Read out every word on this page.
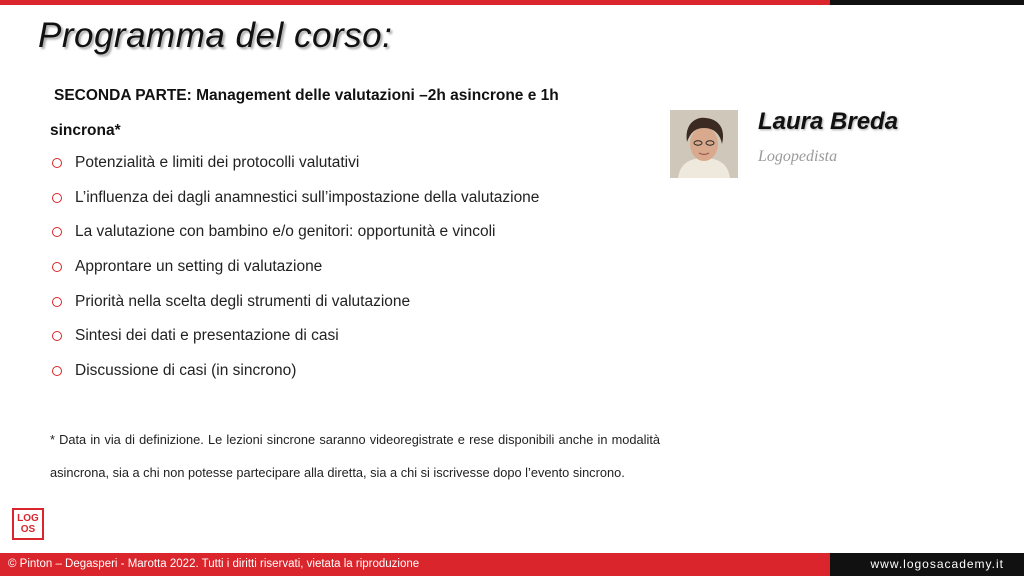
Programma del corso:
SECONDA PARTE: Management delle valutazioni –2h asincrone e 1h
sincrona*
Potenzialità e limiti dei protocolli valutativi
L’influenza dei dagli anamnestici sull’impostazione della valutazione
La valutazione con bambino e/o genitori: opportunità e vincoli
Approntare un setting di valutazione
Priorità nella scelta degli strumenti di valutazione
Sintesi dei dati e presentazione di casi
Discussione di casi (in sincrono)
* Data in via di definizione. Le lezioni sincrone saranno videoregistrate e rese disponibili anche in modalità asincrona, sia a chi non potesse partecipare alla diretta, sia a chi si iscrivesse dopo l’evento sincrono.
Laura Breda
Logopedista
LOG
OS
© Pinton – Degasperi - Marotta 2022. Tutti i diritti riservati, vietata la riproduzione	www.logosacademy.it
